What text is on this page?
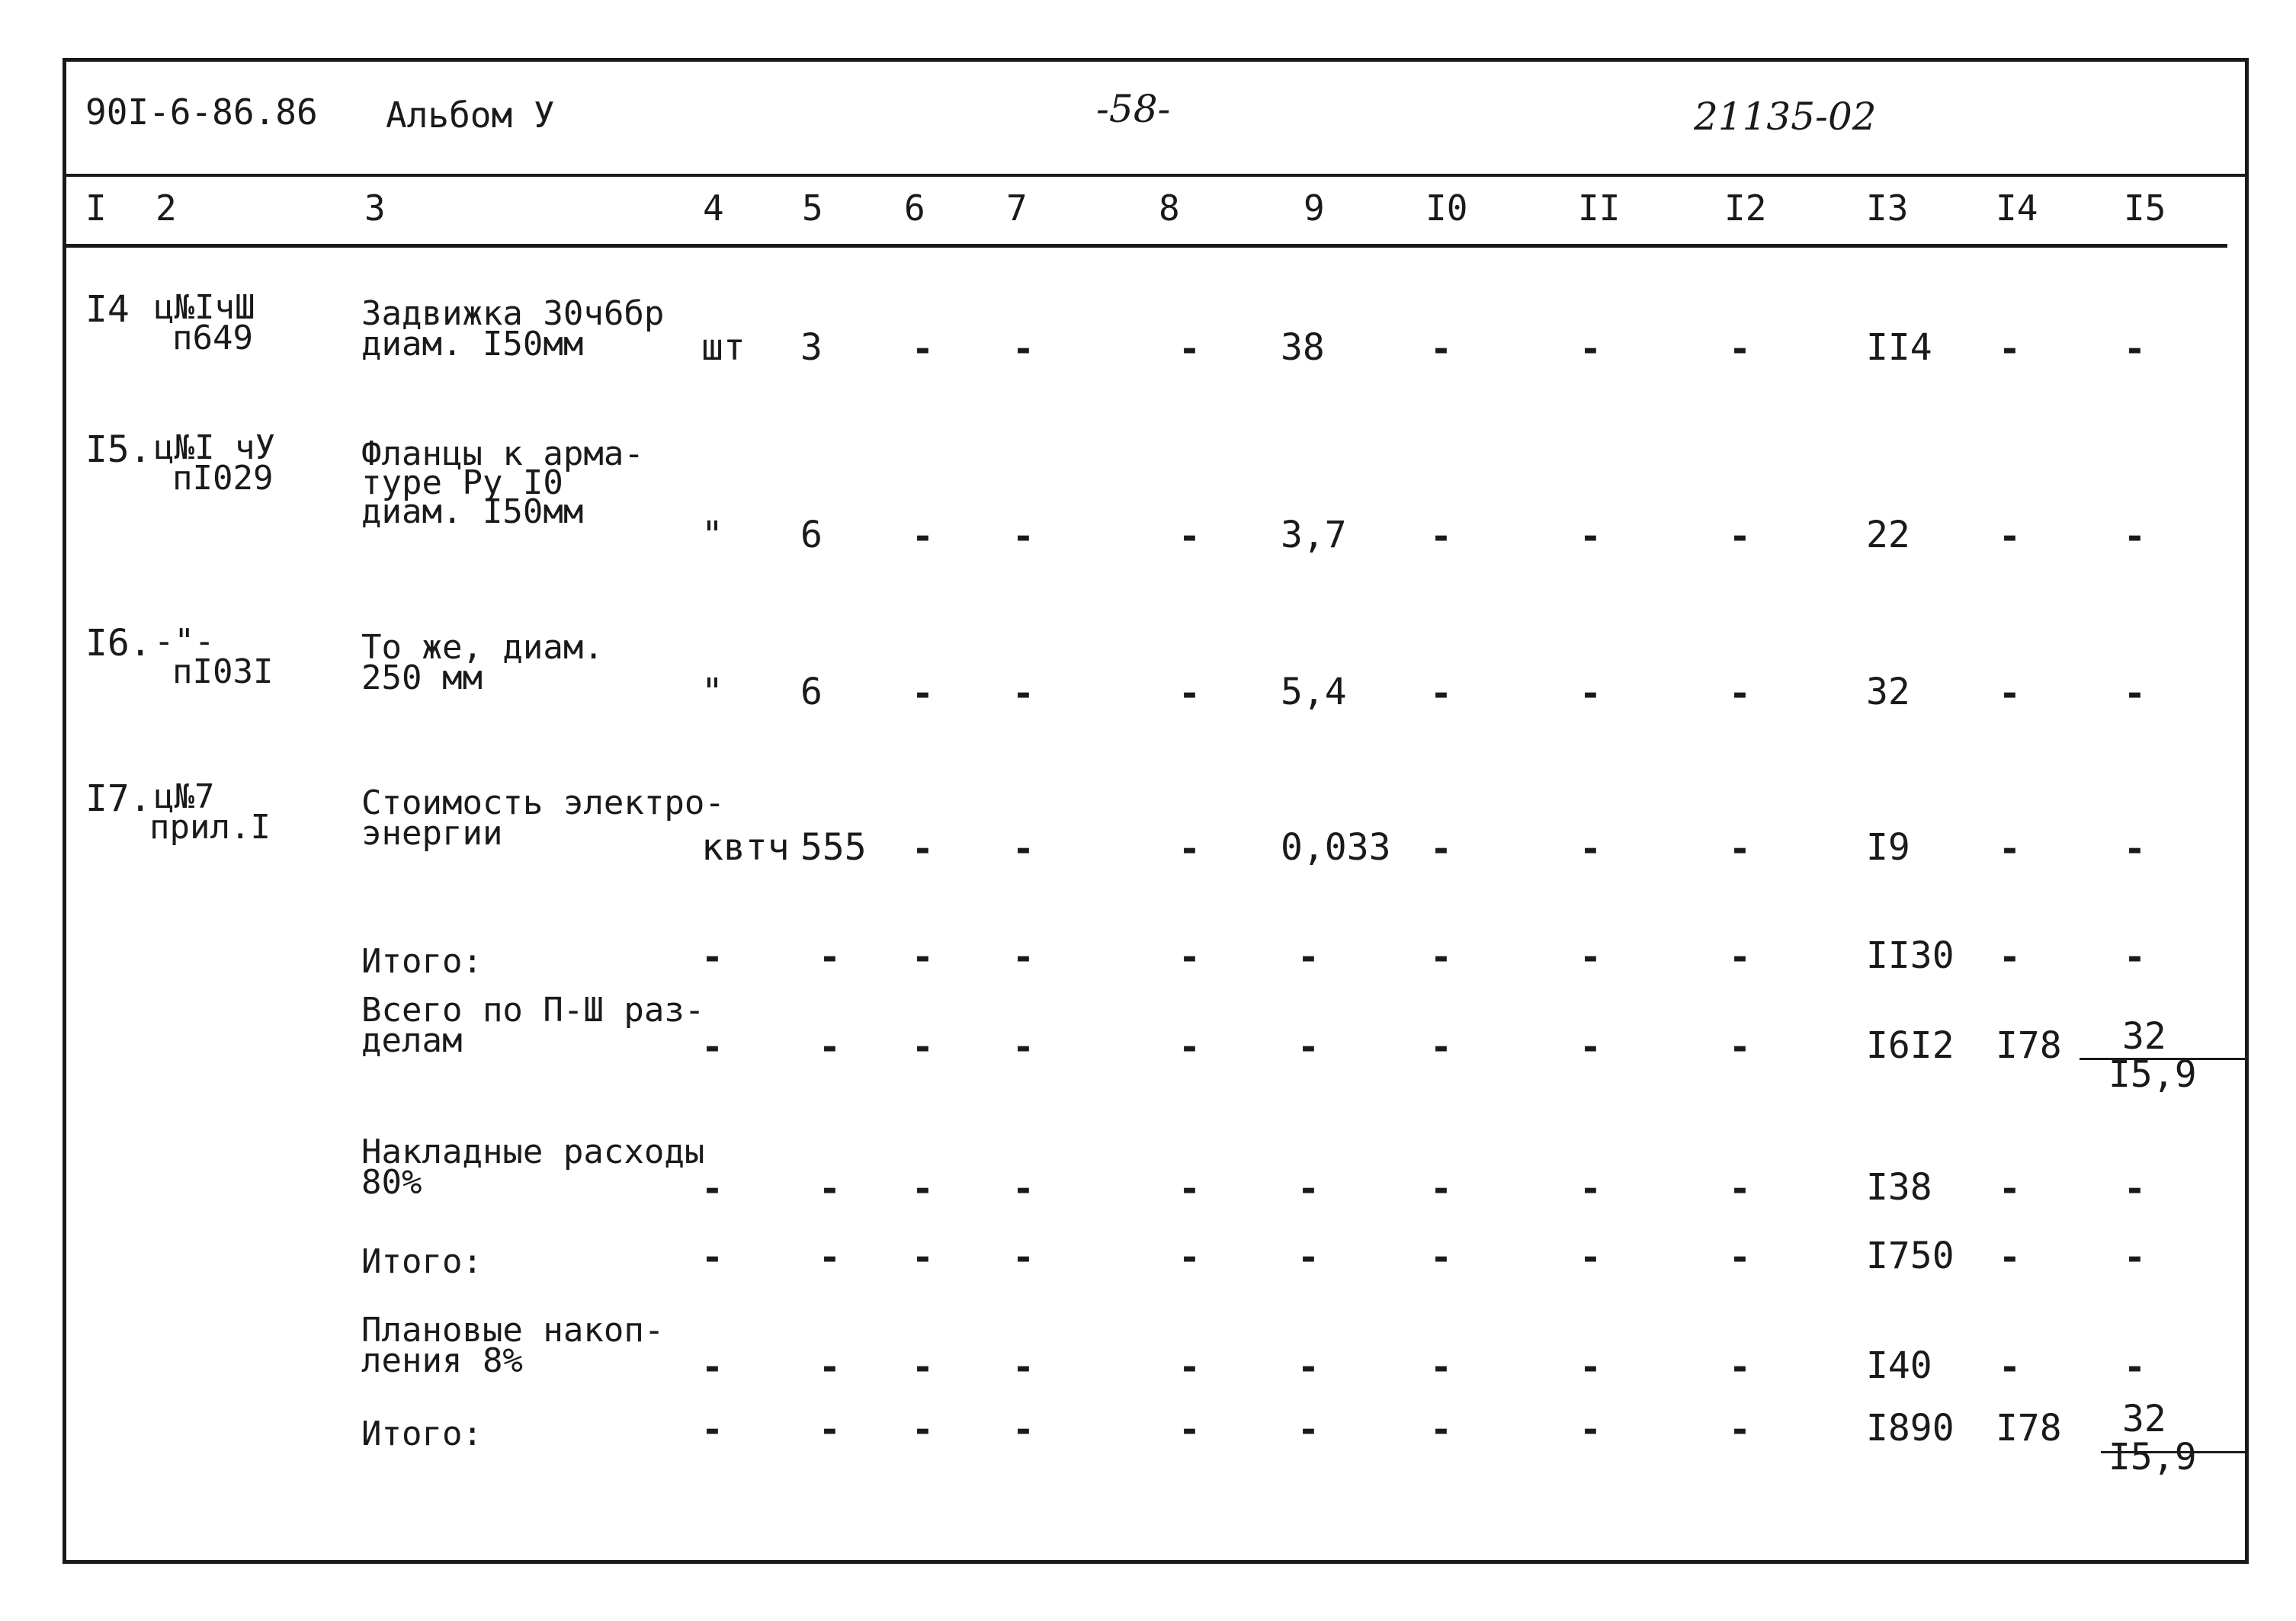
90I-6-86.86 Альбом У	-58-	21135-02
I 2	3	4 5 6 7	8	9	I0	II	I2	I3 I4 I5
I4 ц№IчШ
п649
Задвижка 30ч6бр
диам. I50мм	шт 3 - -	- 38	-	-	-	II4 -	-
I5. ц№I чУ
пI029
Фланцы к арма-
туре Ру I0
диам. I50мм
" 6 - -	- 3,7 -	-	-	22 -	-
I6. -"-
пI03I
То же, диам.
250 мм	" 6 - -	- 5,4 -	-	-	32 -	-
I7. ц№7
прил.I
Стоимость электро-
энергии	квтч 555 - -	- 0,033 -	-	-	I9 -	-
Итого:	-	- - -	-	-	-	-	-	II30 -	-
Всего по П-Ш раз-
делам	-	- - -	-	-	-	-	-	I6I2 I78 32
I5,9
Накладные расходы
80%	-	- - -	-	-	-	-	-	I38 -	-
Итого:	-	- - -	-	-	-	-	-	I750 -	-
Плановые накоп-
ления 8%	-	- - -	-	-	-	-	-	I40 -	-
Итого:	-	- - -	-	-	-	-	-	I890 I78 32
I5,9
